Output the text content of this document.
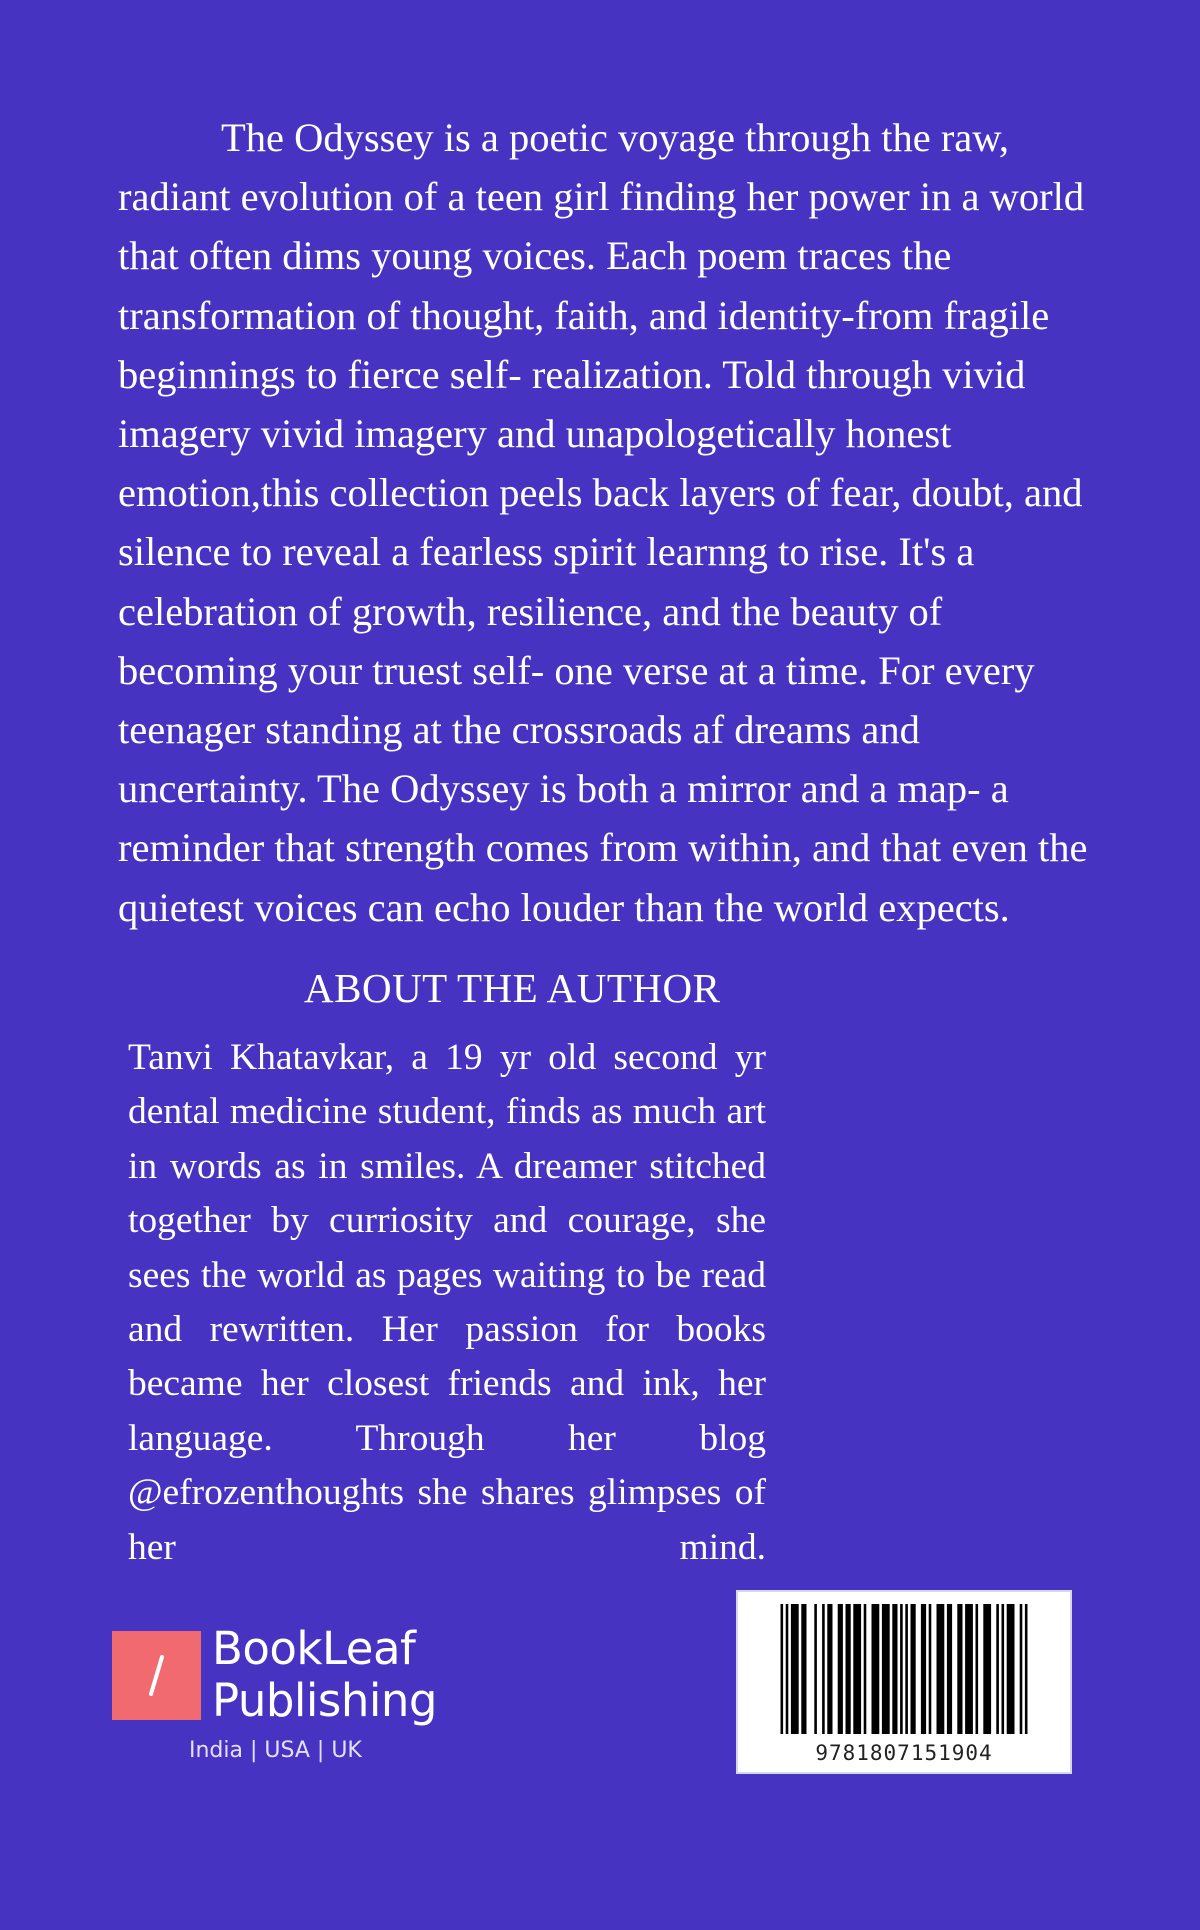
The Odyssey is a poetic voyage through the raw, radiant evolution of a teen girl finding her power in a world that often dims young voices. Each poem traces the transformation of thought, faith, and identity-from fragile beginnings to fierce self- realization. Told through vivid imagery vivid imagery and unapologetically honest emotion,this collection peels back layers of fear, doubt, and silence to reveal a fearless spirit learnng to rise. It's a celebration of growth, resilience, and the beauty of becoming your truest self- one verse at a time. For every teenager standing at the crossroads af dreams and uncertainty. The Odyssey is both a mirror and a map- a reminder that strength comes from within, and that even the quietest voices can echo louder than the world expects.

ABOUT THE AUTHOR

Tanvi Khatavkar, a 19 yr old second yr dental medicine student, finds as much art in words as in smiles. A dreamer stitched together by curriosity and courage, she sees the world as pages waiting to be read and rewritten. Her passion for books became her closest friends and ink, her language. Through her blog @efrozenthoughts she shares glimpses of her mind.

BookLeaf
Publishing
India | USA | UK	9781807151904
